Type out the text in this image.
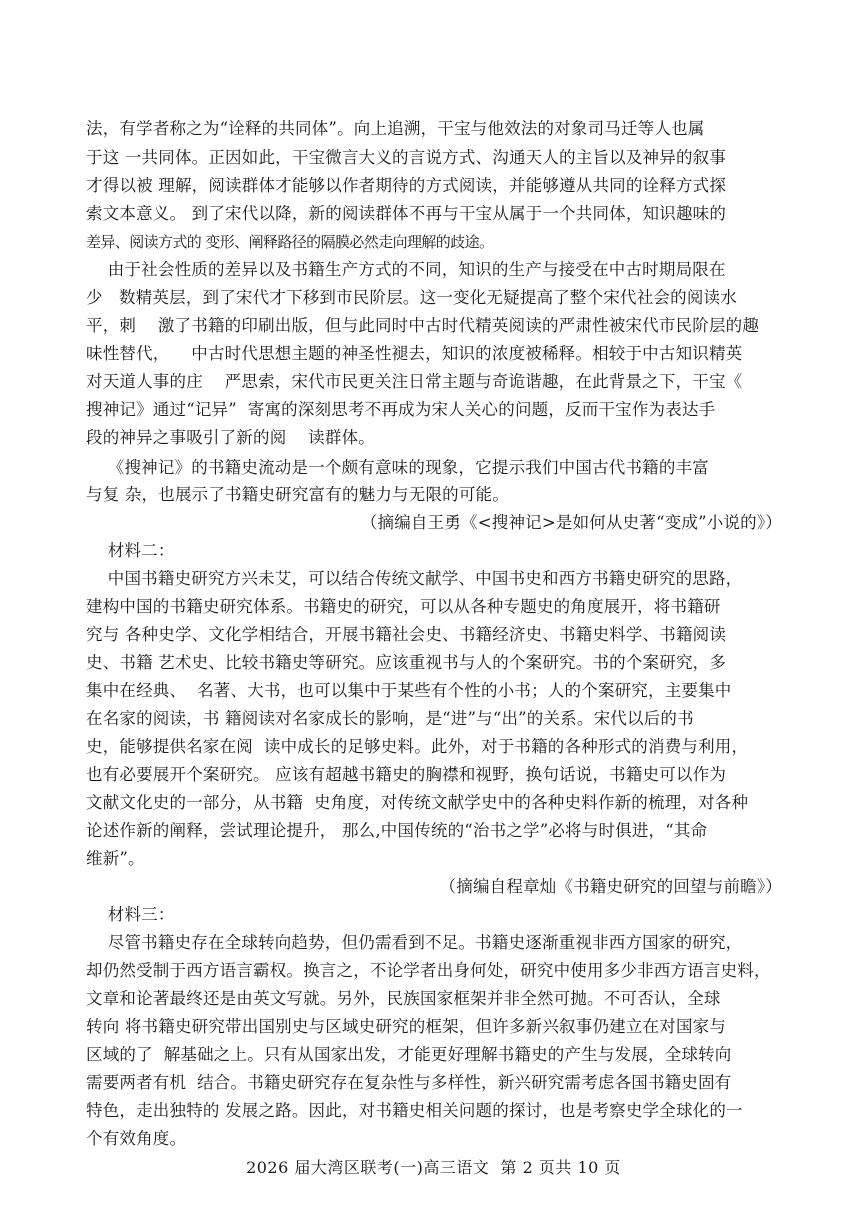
法，有学者称之为“诠释的共同体”。向上追溯，干宝与他效法的对象司马迁等人也属
于这 一共同体。正因如此，干宝微言大义的言说方式、沟通天人的主旨以及神异的叙事
才得以被 理解，阅读群体才能够以作者期待的方式阅读，并能够遵从共同的诠释方式探
索文本意义。 到了宋代以降，新的阅读群体不再与干宝从属于一个共同体，知识趣味的
差异、阅读方式的 变形、阐释路径的隔膜必然走向理解的歧途。
由于社会性质的差异以及书籍生产方式的不同，知识的生产与接受在中古时期局限在
少   数精英层，到了宋代才下移到市民阶层。这一变化无疑提高了整个宋代社会的阅读水
平，刺    激了书籍的印刷出版，但与此同时中古时代精英阅读的严肃性被宋代市民阶层的趣
味性替代，    中古时代思想主题的神圣性褪去，知识的浓度被稀释。相较于中古知识精英
对天道人事的庄    严思索，宋代市民更关注日常主题与奇诡谐趣，在此背景之下，干宝《
搜神记》通过“记异”  寄寓的深刻思考不再成为宋人关心的问题，反而干宝作为表达手
段的神异之事吸引了新的阅    读群体。
《搜神记》的书籍史流动是一个颇有意味的现象，它提示我们中国古代书籍的丰富
与复 杂，也展示了书籍史研究富有的魅力与无限的可能。
（摘编自王勇《<搜神记>是如何从史著“变成”小说的》）
材料二：
中国书籍史研究方兴未艾，可以结合传统文献学、中国书史和西方书籍史研究的思路，
建构中国的书籍史研究体系。书籍史的研究，可以从各种专题史的角度展开，将书籍研
究与 各种史学、文化学相结合，开展书籍社会史、书籍经济史、书籍史料学、书籍阅读
史、书籍 艺术史、比较书籍史等研究。应该重视书与人的个案研究。书的个案研究，多
集中在经典、  名著、大书，也可以集中于某些有个性的小书；人的个案研究，主要集中
在名家的阅读，书 籍阅读对名家成长的影响，是“进”与“出”的关系。宋代以后的书
史，能够提供名家在阅  读中成长的足够史料。此外，对于书籍的各种形式的消费与利用，
也有必要展开个案研究。 应该有超越书籍史的胸襟和视野，换句话说，书籍史可以作为
文献文化史的一部分，从书籍  史角度，对传统文献学史中的各种史料作新的梳理，对各种
论述作新的阐释，尝试理论提升， 那么,中国传统的“治书之学”必将与时俱进，“其命
维新”。
（摘编自程章灿《书籍史研究的回望与前瞻》）
材料三：
尽管书籍史存在全球转向趋势，但仍需看到不足。书籍史逐渐重视非西方国家的研究，
却仍然受制于西方语言霸权。换言之，不论学者出身何处，研究中使用多少非西方语言史料，
文章和论著最终还是由英文写就。另外，民族国家框架并非全然可抛。不可否认，全球
转向 将书籍史研究带出国别史与区域史研究的框架，但许多新兴叙事仍建立在对国家与
区域的了  解基础之上。只有从国家出发，才能更好理解书籍史的产生与发展，全球转向
需要两者有机  结合。书籍史研究存在复杂性与多样性，新兴研究需考虑各国书籍史固有
特色，走出独特的 发展之路。因此，对书籍史相关问题的探讨，也是考察史学全球化的一
个有效角度。
2026 届大湾区联考(一)高三语文  第 2 页共 10 页
